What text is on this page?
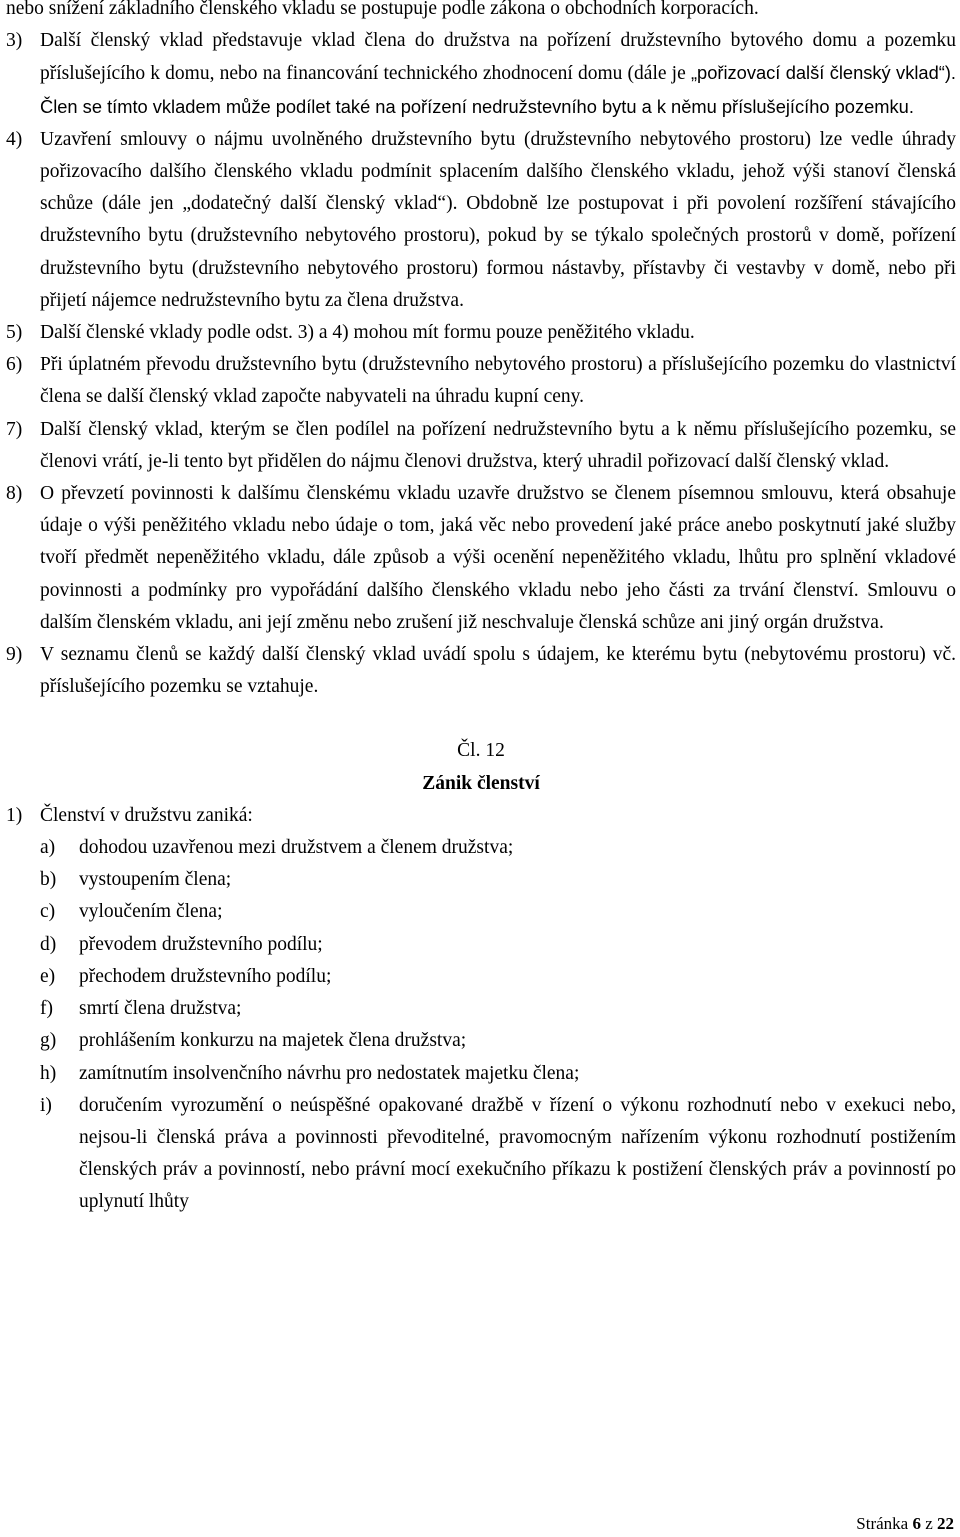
nebo snížení základního členského vkladu se postupuje podle zákona o obchodních korporacích.

3) Další členský vklad představuje vklad člena do družstva na pořízení družstevního bytového domu a pozemku příslušejícího k domu, nebo na financování technického zhodnocení domu (dále je „pořizovací další členský vklad“). Člen se tímto vkladem může podílet také na pořízení nedružstevního bytu a k němu příslušejícího pozemku.
4) Uzavření smlouvy o nájmu uvolněného družstevního bytu (družstevního nebytového prostoru) lze vedle úhrady pořizovacího dalšího členského vkladu podmínit splacením dalšího členského vkladu, jehož výši stanoví členská schůze (dále jen „dodatečný další členský vklad“). Obdobně lze postupovat i při povolení rozšíření stávajícího družstevního bytu (družstevního nebytového prostoru), pokud by se týkalo společných prostorů v domě, pořízení družstevního bytu (družstevního nebytového prostoru) formou nástavby, přístavby či vestavby v domě, nebo při přijetí nájemce nedružstevního bytu za člena družstva.
5) Další členské vklady podle odst. 3) a 4) mohou mít formu pouze peněžitého vkladu.
6) Při úplatném převodu družstevního bytu (družstevního nebytového prostoru) a příslušejícího pozemku do vlastnictví člena se další členský vklad započte nabyvateli na úhradu kupní ceny.
7) Další členský vklad, kterým se člen podílel na pořízení nedružstevního bytu a k němu příslušejícího pozemku, se členovi vrátí, je-li tento byt přidělen do nájmu členovi družstva, který uhradil pořizovací další členský vklad.
8) O převzetí povinnosti k dalšímu členskému vkladu uzavře družstvo se členem písemnou smlouvu, která obsahuje údaje o výši peněžitého vkladu nebo údaje o tom, jaká věc nebo provedení jaké práce anebo poskytnutí jaké služby tvoří předmět nepeněžitého vkladu, dále způsob a výši ocenění nepeněžitého vkladu, lhůtu pro splnění vkladové povinnosti a podmínky pro vypořádání dalšího členského vkladu nebo jeho části za trvání členství. Smlouvu o dalším členském vkladu, ani její změnu nebo zrušení již neschvaluje členská schůze ani jiný orgán družstva.
9) V seznamu členů se každý další členský vklad uvádí spolu s údajem, ke kterému bytu (nebytovému prostoru) vč. příslušejícího pozemku se vztahuje.

Čl. 12

Zánik členství

1) Členství v družstvu zaniká:
a)	dohodou uzavřenou mezi družstvem a členem družstva;
b)	vystoupením člena;
c)	vyloučením člena;
d)	převodem družstevního podílu;
e)	přechodem družstevního podílu;
f)	smrtí člena družstva;
g)	prohlášením konkurzu na majetek člena družstva;
h)	zamítnutím insolvenčního návrhu pro nedostatek majetku člena;
i)	doručením vyrozumění o neúspěšné opakované dražbě v řízení o výkonu rozhodnutí nebo v exekuci nebo, nejsou-li členská práva a povinnosti převoditelné, pravomocným nařízením výkonu rozhodnutí postižením členských práv a povinností, nebo právní mocí exekučního příkazu k postižení členských práv a povinností po uplynutí lhůty
Stránka 6 z 22
